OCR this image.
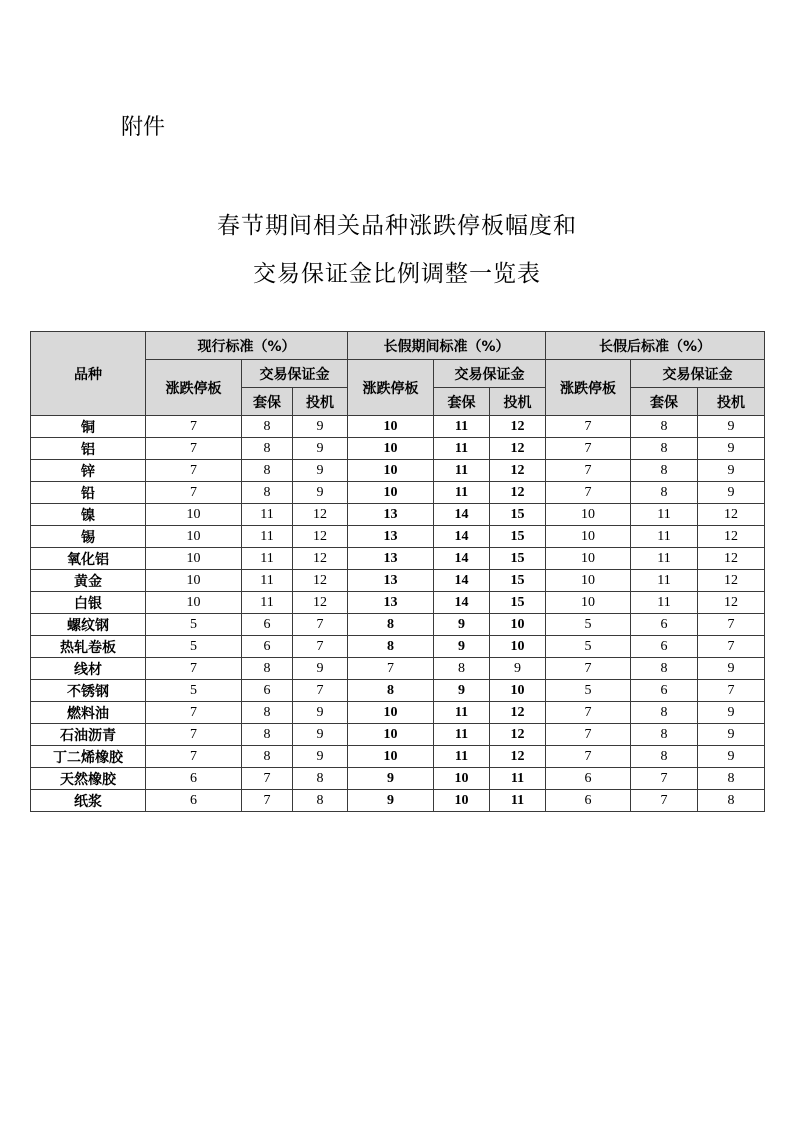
附件
春节期间相关品种涨跌停板幅度和
交易保证金比例调整一览表
品种	现行标准（%）			长假期间标准（%）			长假后标准（%）		
	涨跌停板	交易保证金		涨跌停板	交易保证金		涨跌停板	交易保证金	
		套保	投机		套保	投机		套保	投机
铜	7	8	9	10	11	12	7	8	9
铝	7	8	9	10	11	12	7	8	9
锌	7	8	9	10	11	12	7	8	9
铅	7	8	9	10	11	12	7	8	9
镍	10	11	12	13	14	15	10	11	12
锡	10	11	12	13	14	15	10	11	12
氧化铝	10	11	12	13	14	15	10	11	12
黄金	10	11	12	13	14	15	10	11	12
白银	10	11	12	13	14	15	10	11	12
螺纹钢	5	6	7	8	9	10	5	6	7
热轧卷板	5	6	7	8	9	10	5	6	7
线材	7	8	9	7	8	9	7	8	9
不锈钢	5	6	7	8	9	10	5	6	7
燃料油	7	8	9	10	11	12	7	8	9
石油沥青	7	8	9	10	11	12	7	8	9
丁二烯橡胶	7	8	9	10	11	12	7	8	9
天然橡胶	6	7	8	9	10	11	6	7	8
纸浆	6	7	8	9	10	11	6	7	8
